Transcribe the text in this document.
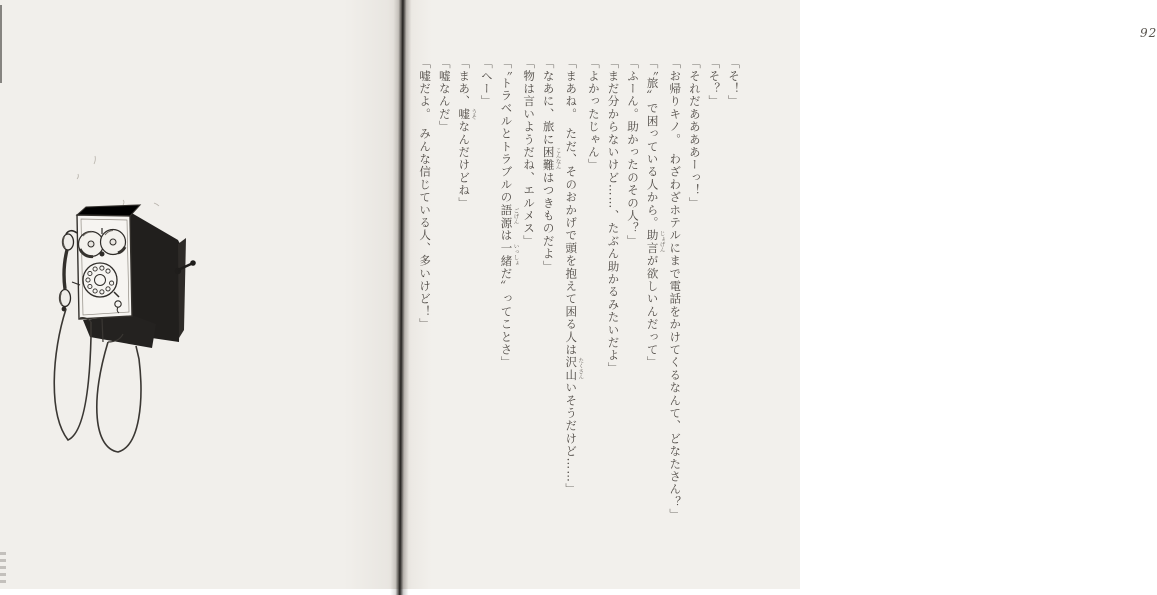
92

「そ！」

「そ？」

「それだああああーっ！」

「お帰りキノ。　わざわざホテルにまで電話をかけてくるなんて、どなたさん？」

「〝旅〟で困っている人から。助言 じょげんが欲しいんだって」

「ふーん。助かったのその人？」

「まだ分からないけど……、たぶん助かるみたいだよ」

「よかったじゃん」

「まあね。　ただ、そのおかげで頭を抱えて困る人は沢山 たくさんいそうだけど……」

「なあに、旅に困難 こんなんはつきものだよ」

「物は言いようだね、エルメス」

「〝トラベルとトラブルの語源 ごげんは一緒 いっしょだ〟ってことさ」

「へー」

「まあ、嘘 うそなんだけどね」

「嘘なんだ」

「嘘だよ。　みんな信じている人、多いけど！」
